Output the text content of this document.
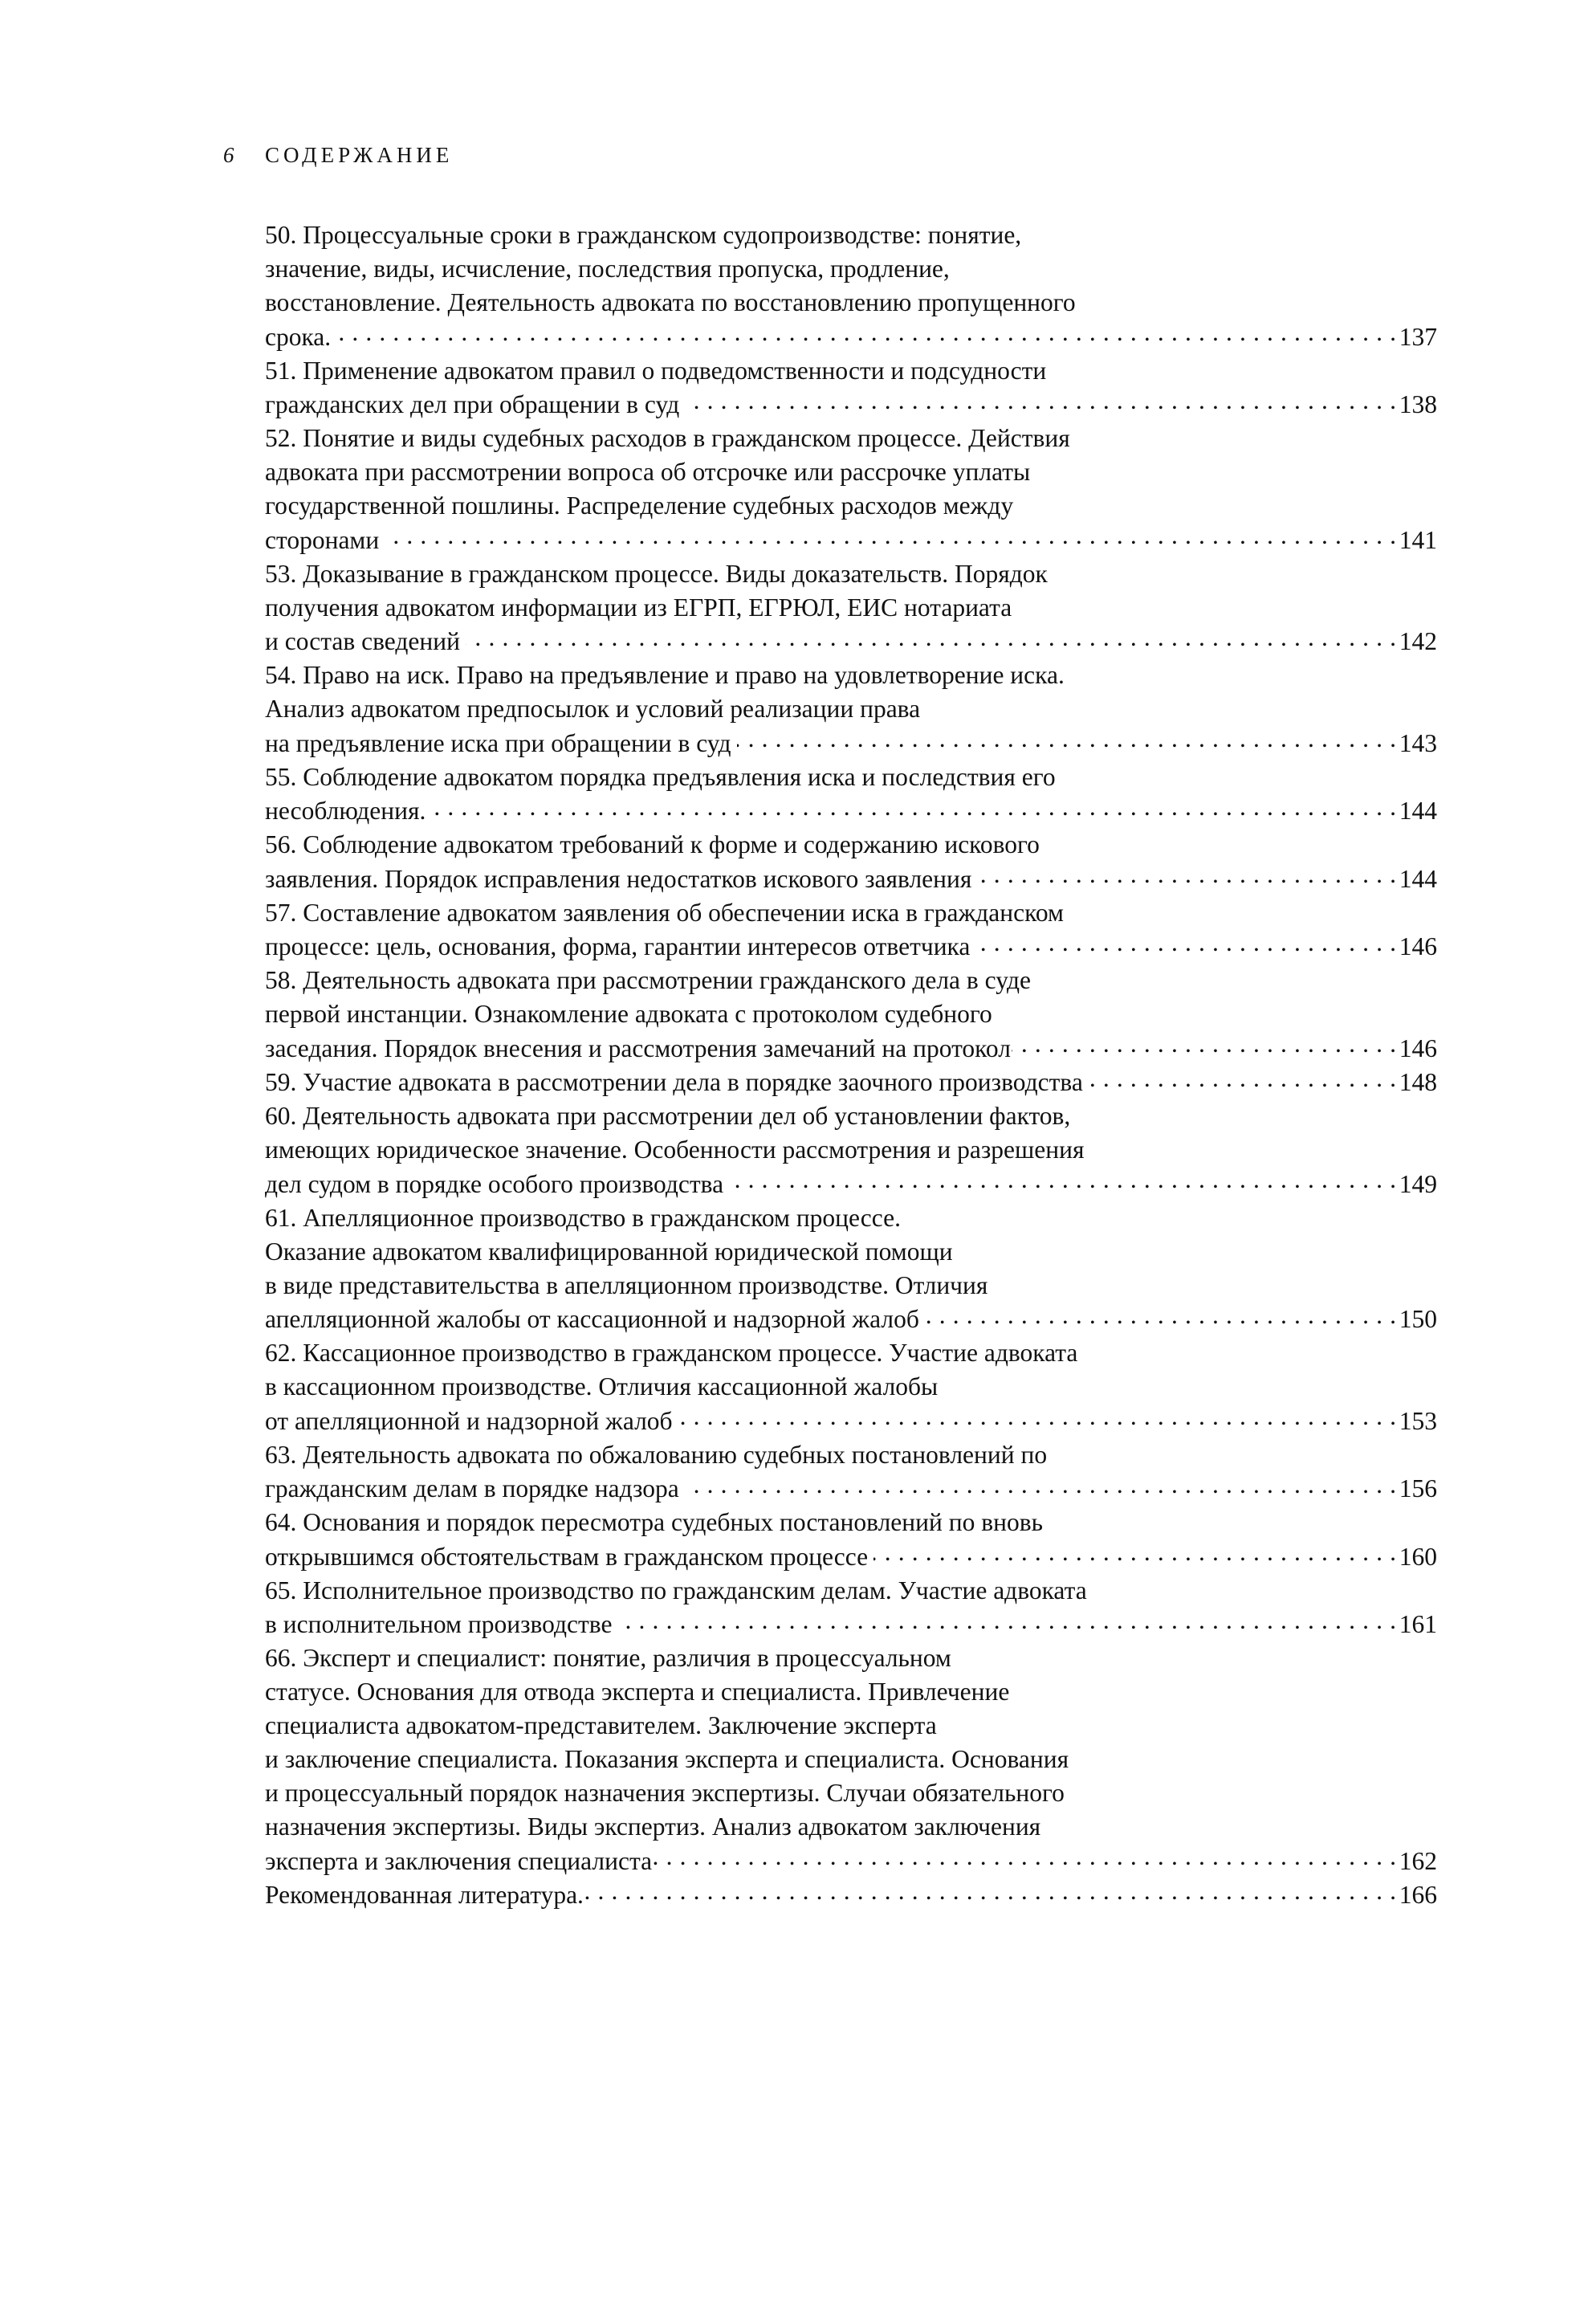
6 СОДЕРЖАНИЕ
50. Процессуальные сроки в гражданском судопроизводстве: понятие,
значение, виды, исчисление, последствия пропуска, продление,
восстановление. Деятельность адвоката по восстановлению пропущенного
срока. . . .	137
51. Применение адвокатом правил о подведомственности и подсудности
гражданских дел при обращении в суд . . .	138
52. Понятие и виды судебных расходов в гражданском процессе. Действия
адвоката при рассмотрении вопроса об отсрочке или рассрочке уплаты
государственной пошлины. Распределение судебных расходов между
сторонами . . .	141
53. Доказывание в гражданском процессе. Виды доказательств. Порядок
получения адвокатом информации из ЕГРП, ЕГРЮЛ, ЕИС нотариата
и состав сведений . . .	142
54. Право на иск. Право на предъявление и право на удовлетворение иска.
Анализ адвокатом предпосылок и условий реализации права
на предъявление иска при обращении в суд . . .	143
55. Соблюдение адвокатом порядка предъявления иска и последствия его
несоблюдения. . . .	144
56. Соблюдение адвокатом требований к форме и содержанию искового
заявления. Порядок исправления недостатков искового заявления . . .	144
57. Составление адвокатом заявления об обеспечении иска в гражданском
процессе: цель, основания, форма, гарантии интересов ответчика . . .	146
58. Деятельность адвоката при рассмотрении гражданского дела в суде
первой инстанции. Ознакомление адвоката с протоколом судебного
заседания. Порядок внесения и рассмотрения замечаний на протокол . . .	146
59. Участие адвоката в рассмотрении дела в порядке заочного производства . . .	148
60. Деятельность адвоката при рассмотрении дел об установлении фактов,
имеющих юридическое значение. Особенности рассмотрения и разрешения
дел судом в порядке особого производства . . .	149
61. Апелляционное производство в гражданском процессе.
Оказание адвокатом квалифицированной юридической помощи
в виде представительства в апелляционном производстве. Отличия
апелляционной жалобы от кассационной и надзорной жалоб . . .	150
62. Кассационное производство в гражданском процессе. Участие адвоката
в кассационном производстве. Отличия кассационной жалобы
от апелляционной и надзорной жалоб . . .	153
63. Деятельность адвоката по обжалованию судебных постановлений по
гражданским делам в порядке надзора . . .	156
64. Основания и порядок пересмотра судебных постановлений по вновь
открывшимся обстоятельствам в гражданском процессе . . .	160
65. Исполнительное производство по гражданским делам. Участие адвоката
в исполнительном производстве . . .	161
66. Эксперт и специалист: понятие, различия в процессуальном
статусе. Основания для отвода эксперта и специалиста. Привлечение
специалиста адвокатом-представителем. Заключение эксперта
и заключение специалиста. Показания эксперта и специалиста. Основания
и процессуальный порядок назначения экспертизы. Случаи обязательного
назначения экспертизы. Виды экспертиз. Анализ адвокатом заключения
эксперта и заключения специалиста . . .	162
Рекомендованная литература. . . .	166
